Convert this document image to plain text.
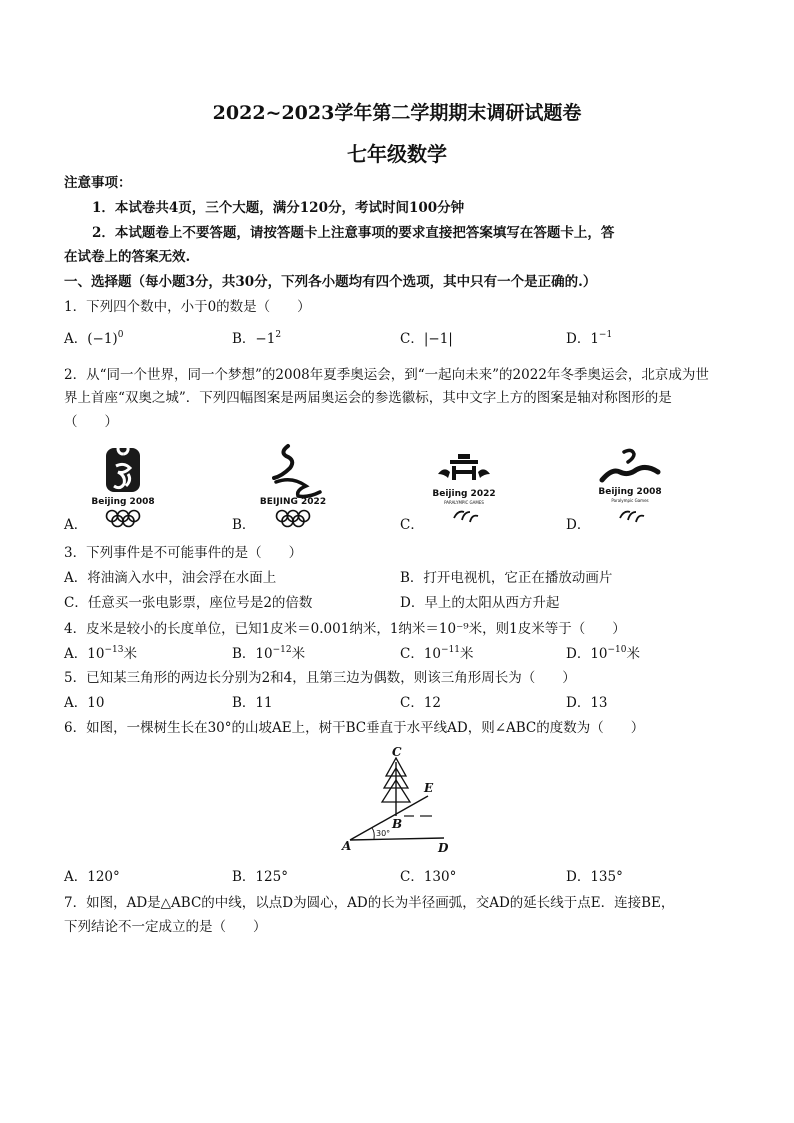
2022~2023学年第二学期期末调研试题卷
七年级数学
注意事项：
1．本试卷共4页，三个大题，满分120分，考试时间100分钟
2．本试题卷上不要答题，请按答题卡上注意事项的要求直接把答案填写在答题卡上，答
在试卷上的答案无效.
一、选择题（每小题3分，共30分，下列各小题均有四个选项，其中只有一个是正确的.）
1．下列四个数中，小于0的数是（　　）
A．$(-1)^0$	B．$-1^2$	C．|−1|	D．$1^{-1}$
2．从“同一个世界，同一个梦想”的2008年夏季奥运会，到“一起向未来”的2022年冬季奥运会，北京成为世
界上首座“双奥之城”．下列四幅图案是两届奥运会的参选徽标，其中文字上方的图案是轴对称图形的是
（　　）
Beijing 2008
A．
BEIJING 2022
B．
Beijing 2022
PARALYMPIC GAMES
C．
Beijing 2008
Paralympic Games
D．
3．下列事件是不可能事件的是（　　）
A．将油滴入水中，油会浮在水面上	B．打开电视机，它正在播放动画片
C．任意买一张电影票，座位号是2的倍数	D．早上的太阳从西方升起
4．皮米是较小的长度单位，已知1皮米＝0.001纳米，1纳米＝10⁻⁹米，则1皮米等于（　　）
A．$10^{-13}$米	B．$10^{-12}$米	C．$10^{-11}$米	D．$10^{-10}$米
5．已知某三角形的两边长分别为2和4，且第三边为偶数，则该三角形周长为（　　）
A．10	B．11	C．12	D．13
6．如图，一棵树生长在30°的山坡AE上，树干BC垂直于水平线AD，则∠ABC的度数为（　　）
30°
C
E
B
A	D
A．120°	B．125°	C．130°	D．135°
7．如图，AD是△ABC的中线，以点D为圆心，AD的长为半径画弧，交AD的延长线于点E．连接BE，
下列结论不一定成立的是（　　）
